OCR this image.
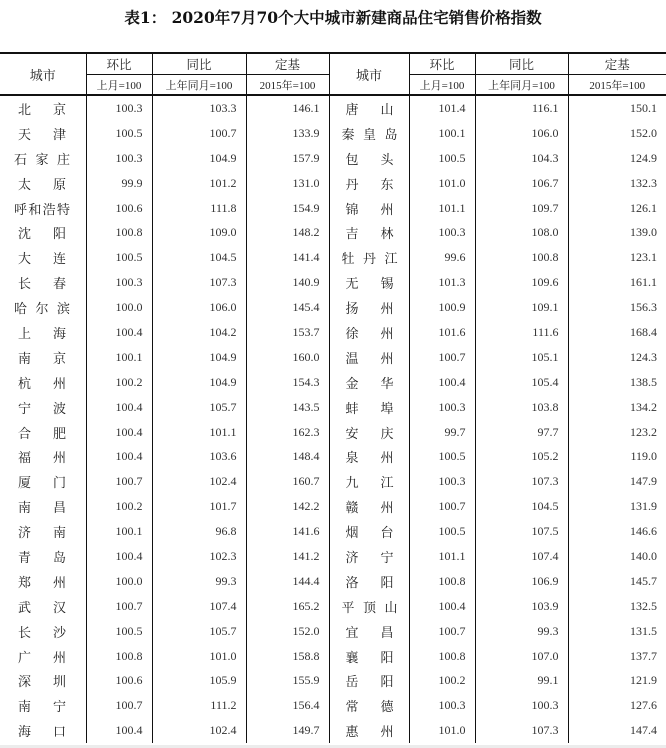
表1： 2020年7月70个大中城市新建商品住宅销售价格指数
城市	环比	同比	定基	城市	环比	同比	定基
	上月=100	上年同月=100	2015年=100		上月=100	上年同月=100	2015年=100

北 京	100.3	103.3	146.1	唐 山	101.4	116.1	150.1

天 津	100.5	100.7	133.9	秦 皇 岛	100.1	106.0	152.0

石 家 庄	100.3	104.9	157.9	包 头	100.5	104.3	124.9

太 原	99.9	101.2	131.0	丹 东	101.0	106.7	132.3

呼 和 浩 特	100.6	111.8	154.9	锦 州	101.1	109.7	126.1

沈 阳	100.8	109.0	148.2	吉 林	100.3	108.0	139.0

大 连	100.5	104.5	141.4	牡 丹 江	99.6	100.8	123.1

长 春	100.3	107.3	140.9	无 锡	101.3	109.6	161.1

哈 尔 滨	100.0	106.0	145.4	扬 州	100.9	109.1	156.3

上 海	100.4	104.2	153.7	徐 州	101.6	111.6	168.4

南 京	100.1	104.9	160.0	温 州	100.7	105.1	124.3

杭 州	100.2	104.9	154.3	金 华	100.4	105.4	138.5

宁 波	100.4	105.7	143.5	蚌 埠	100.3	103.8	134.2

合 肥	100.4	101.1	162.3	安 庆	99.7	97.7	123.2

福 州	100.4	103.6	148.4	泉 州	100.5	105.2	119.0

厦 门	100.7	102.4	160.7	九 江	100.3	107.3	147.9

南 昌	100.2	101.7	142.2	赣 州	100.7	104.5	131.9

济 南	100.1	96.8	141.6	烟 台	100.5	107.5	146.6

青 岛	100.4	102.3	141.2	济 宁	101.1	107.4	140.0

郑 州	100.0	99.3	144.4	洛 阳	100.8	106.9	145.7

武 汉	100.7	107.4	165.2	平 顶 山	100.4	103.9	132.5

长 沙	100.5	105.7	152.0	宜 昌	100.7	99.3	131.5

广 州	100.8	101.0	158.8	襄 阳	100.8	107.0	137.7

深 圳	100.6	105.9	155.9	岳 阳	100.2	99.1	121.9

南 宁	100.7	111.2	156.4	常 德	100.3	100.3	127.6

海 口	100.4	102.4	149.7	惠 州	101.0	107.3	147.4
